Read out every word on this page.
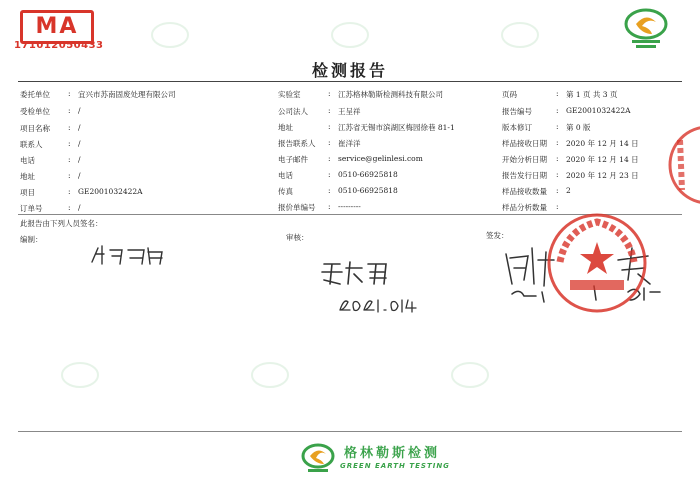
MA
171012050433
检测报告
委托单位 : 宜兴市苏南固废处理有限公司
受检单位 : /
项目名称 : /
联系人	: /
电话	: /
地址	: /
项目	: GE2001032422A
订单号	: /
实验室	: 江苏格林勒斯检测科技有限公司
公司法人	: 王呈祥
地址	: 江苏省无锡市滨湖区梅园徐巷 81-1
报告联系人 : 崔洋洋
电子邮件	: service@gelinlesi.com
电话	: 0510-66925818
传真	: 0510-66925818
报价单编号 : ---------
页码	: 第 1 页 共 3 页
报告编号	: GE2001032422A
版本修订	: 第 0 版
样品接收日期 : 2020 年 12 月 14 日
开始分析日期 : 2020 年 12 月 14 日
报告发行日期 : 2020 年 12 月 23 日
样品接收数量 : 2
样品分析数量 :
此报告由下列人员签名：
编制：	审核：	签发：
格林勒斯检测
GREEN EARTH TESTING
